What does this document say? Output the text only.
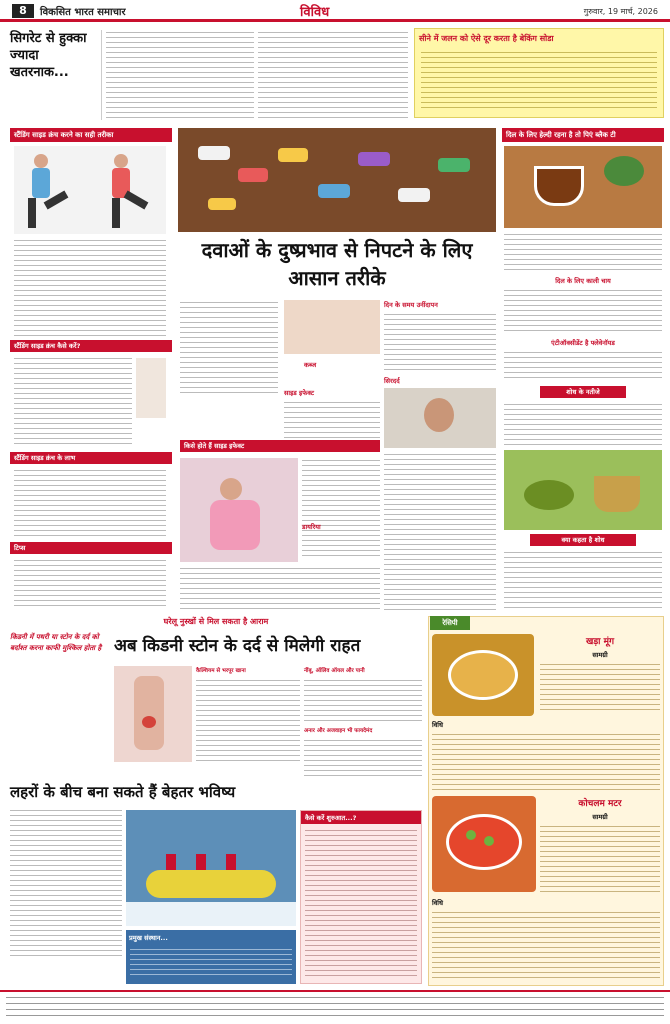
8	विकसित भारत समाचार	विविध	गुरुवार, 19 मार्च, 2026
सिगरेट से हुक्का ज्यादा खतरनाक...
सीने में जलन को ऐसे दूर करता है बेकिंग सोडा
स्टैंडिंग साइड क्रंच करने का सही तरीका
स्टैंडिंग साइड क्रंच कैसे करें?
स्टैंडिंग साइड क्रंच के लाभ
टिप्स
दवाओं के दुष्प्रभाव से निपटने के लिए आसान तरीके
साइड इफेक्ट
किसे होते हैं साइड इफेक्ट
दिन के समय उनींदापन
सिरदर्द
कब्ज
डायरिया
दिल के लिए हेल्दी रहना है तो पिएं ब्लैक टी
दिल के लिए काली चाय
एंटीऑक्सीडेंट है फ्लेवेनॉयड
शोध के नतीजे
क्या कहता है शोध
घरेलू नुस्खों से मिल सकता है आराम
किडनी में पथरी या स्टोन के दर्द को बर्दाश्त करना काफी मुश्किल होता है अब किडनी स्टोन के दर्द से मिलेगी राहत
कैल्शियम से भरपूर खाना	नींबू, ऑलिव ऑयल और पानी
अनार और अजवाइन भी फायदेमंद
लहरों के बीच बना सकते हैं बेहतर भविष्य
प्रमुख संस्थान...
कैसे करें शुरुआत...?
रेसिपी
खड़ा मूंग
सामग्री
विधि
कोचलम मटर
सामग्री
विधि
